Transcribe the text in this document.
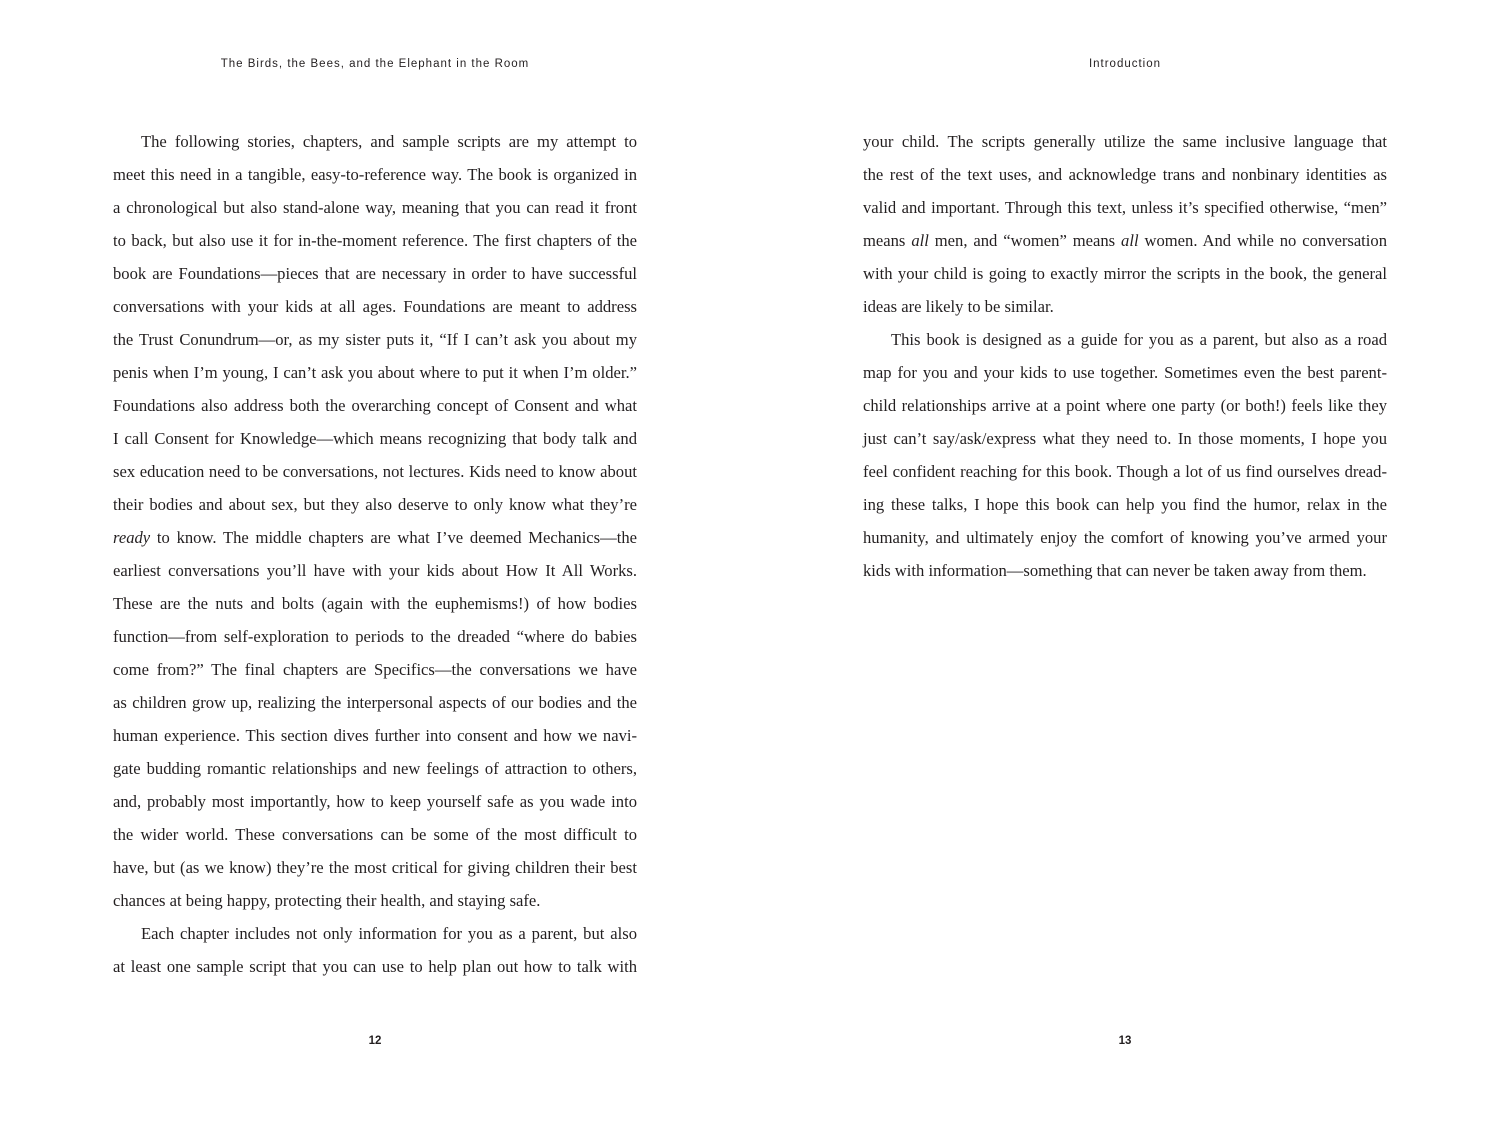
The Birds, the Bees, and the Elephant in the Room
The following stories, chapters, and sample scripts are my attempt to
meet this need in a tangible, easy-to-reference way. The book is organized in
a chronological but also stand-alone way, meaning that you can read it front
to back, but also use it for in-the-moment reference. The first chapters of the
book are Foundations—pieces that are necessary in order to have successful
conversations with your kids at all ages. Foundations are meant to address
the Trust Conundrum—or, as my sister puts it, “If I can’t ask you about my
penis when I’m young, I can’t ask you about where to put it when I’m older.”
Foundations also address both the overarching concept of Consent and what
I call Consent for Knowledge—which means recognizing that body talk and
sex education need to be conversations, not lectures. Kids need to know about
their bodies and about sex, but they also deserve to only know what they’re
ready to know. The middle chapters are what I’ve deemed Mechanics—the
earliest conversations you’ll have with your kids about How It All Works.
These are the nuts and bolts (again with the euphemisms!) of how bodies
function—from self-exploration to periods to the dreaded “where do babies
come from?” The final chapters are Specifics—the conversations we have
as children grow up, realizing the interpersonal aspects of our bodies and the
human experience. This section dives further into consent and how we navi-
gate budding romantic relationships and new feelings of attraction to others,
and, probably most importantly, how to keep yourself safe as you wade into
the wider world. These conversations can be some of the most difficult to
have, but (as we know) they’re the most critical for giving children their best
chances at being happy, protecting their health, and staying safe.
Each chapter includes not only information for you as a parent, but also
at least one sample script that you can use to help plan out how to talk with
12
Introduction
your child. The scripts generally utilize the same inclusive language that
the rest of the text uses, and acknowledge trans and nonbinary identities as
valid and important. Through this text, unless it’s specified otherwise, “men”
means all men, and “women” means all women. And while no conversation
with your child is going to exactly mirror the scripts in the book, the general
ideas are likely to be similar.
This book is designed as a guide for you as a parent, but also as a road
map for you and your kids to use together. Sometimes even the best parent-
child relationships arrive at a point where one party (or both!) feels like they
just can’t say/ask/express what they need to. In those moments, I hope you
feel confident reaching for this book. Though a lot of us find ourselves dread-
ing these talks, I hope this book can help you find the humor, relax in the
humanity, and ultimately enjoy the comfort of knowing you’ve armed your
kids with information—something that can never be taken away from them.
13
